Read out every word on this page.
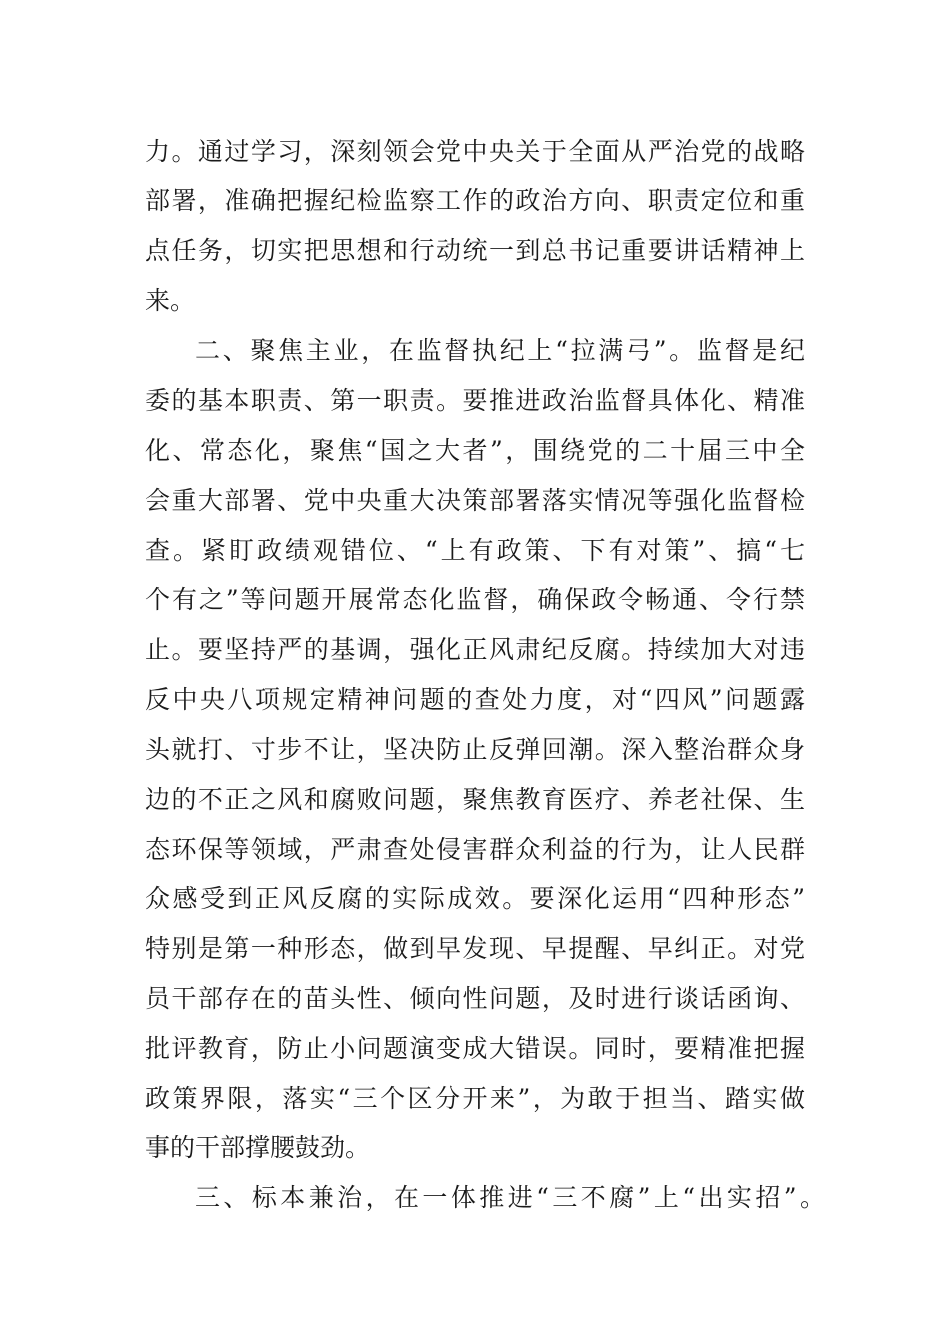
力。通过学习，深刻领会党中央关于全面从严治党的战略

部署，准确把握纪检监察工作的政治方向、职责定位和重

点任务，切实把思想和行动统一到总书记重要讲话精神上

来。

二、聚焦主业，在监督执纪上“拉满弓”。监督是纪

委的基本职责、第一职责。要推进政治监督具体化、精准

化、常态化，聚焦“国之大者”，围绕党的二十届三中全

会重大部署、党中央重大决策部署落实情况等强化监督检

查。紧盯政绩观错位、“上有政策、下有对策”、搞“七

个有之”等问题开展常态化监督，确保政令畅通、令行禁

止。要坚持严的基调，强化正风肃纪反腐。持续加大对违

反中央八项规定精神问题的查处力度，对“四风”问题露

头就打、寸步不让，坚决防止反弹回潮。深入整治群众身

边的不正之风和腐败问题，聚焦教育医疗、养老社保、生

态环保等领域，严肃查处侵害群众利益的行为，让人民群

众感受到正风反腐的实际成效。要深化运用“四种形态”

特别是第一种形态，做到早发现、早提醒、早纠正。对党

员干部存在的苗头性、倾向性问题，及时进行谈话函询、

批评教育，防止小问题演变成大错误。同时，要精准把握

政策界限，落实“三个区分开来”，为敢于担当、踏实做

事的干部撑腰鼓劲。

三、标本兼治，在一体推进“三不腐”上“出实招”。
